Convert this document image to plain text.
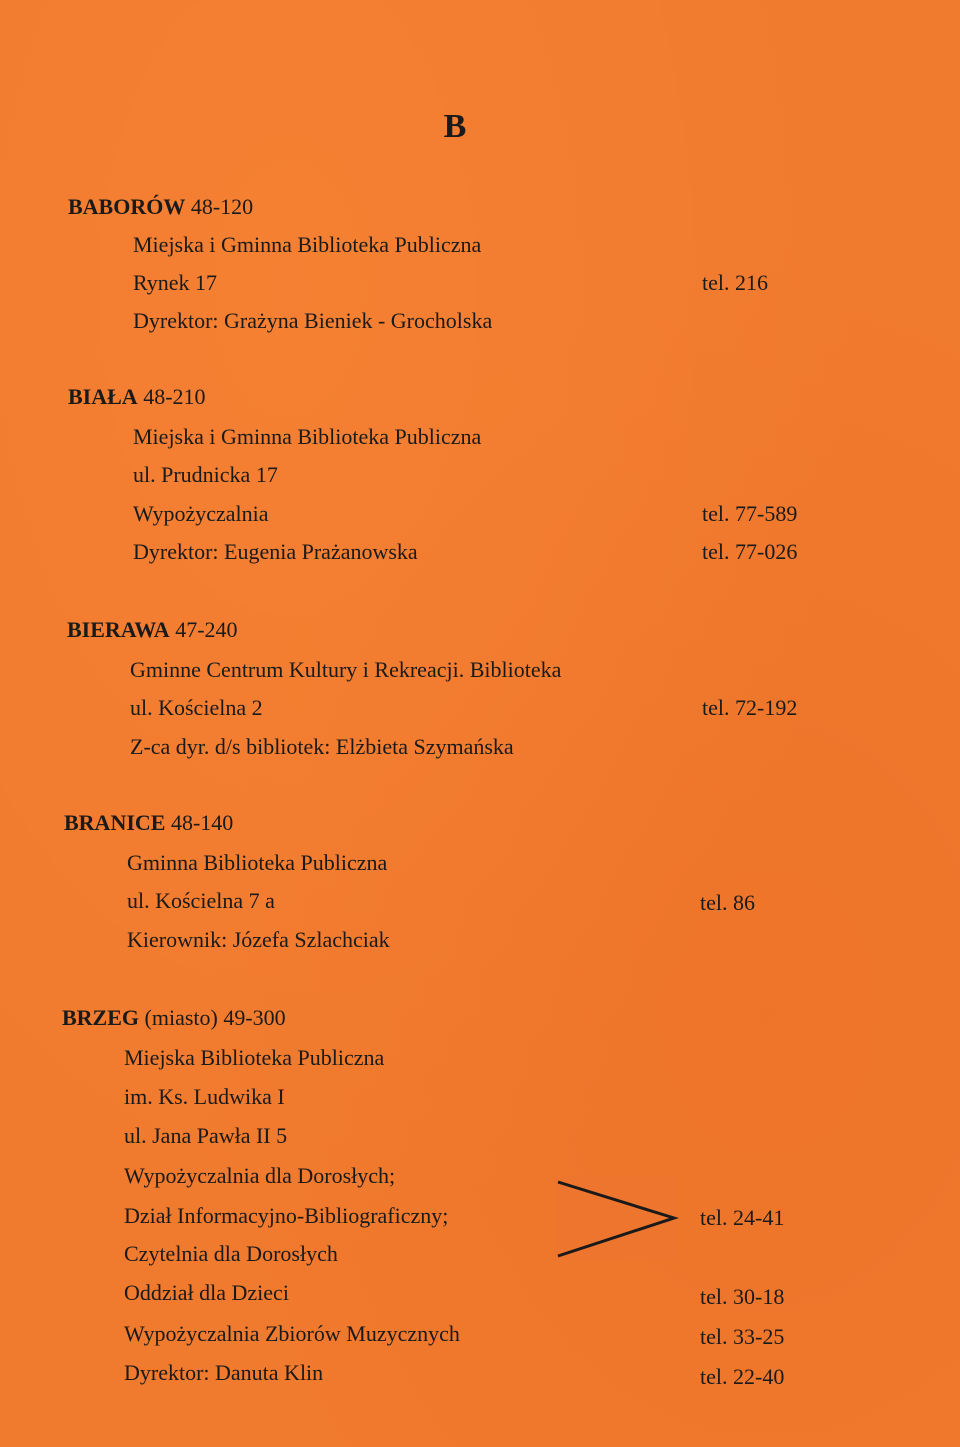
B
BABORÓW 48-120
Miejska i Gminna Biblioteka Publiczna
Rynek 17	tel. 216
Dyrektor: Grażyna Bieniek - Grocholska
BIAŁA 48-210
Miejska i Gminna Biblioteka Publiczna
ul. Prudnicka 17
Wypożyczalnia	tel. 77-589
Dyrektor: Eugenia Prażanowska	tel. 77-026
BIERAWA 47-240
Gminne Centrum Kultury i Rekreacji. Biblioteka
ul. Kościelna 2	tel. 72-192
Z-ca dyr. d/s bibliotek: Elżbieta Szymańska
BRANICE 48-140
Gminna Biblioteka Publiczna
ul. Kościelna 7 a	tel. 86
Kierownik: Józefa Szlachciak
BRZEG (miasto) 49-300
Miejska Biblioteka Publiczna
im. Ks. Ludwika I
ul. Jana Pawła II 5
Wypożyczalnia dla Dorosłych;
Dział Informacyjno-Bibliograficzny;	tel. 24-41
Czytelnia dla Dorosłych
Oddział dla Dzieci	tel. 30-18
Wypożyczalnia Zbiorów Muzycznych	tel. 33-25
Dyrektor: Danuta Klin	tel. 22-40
